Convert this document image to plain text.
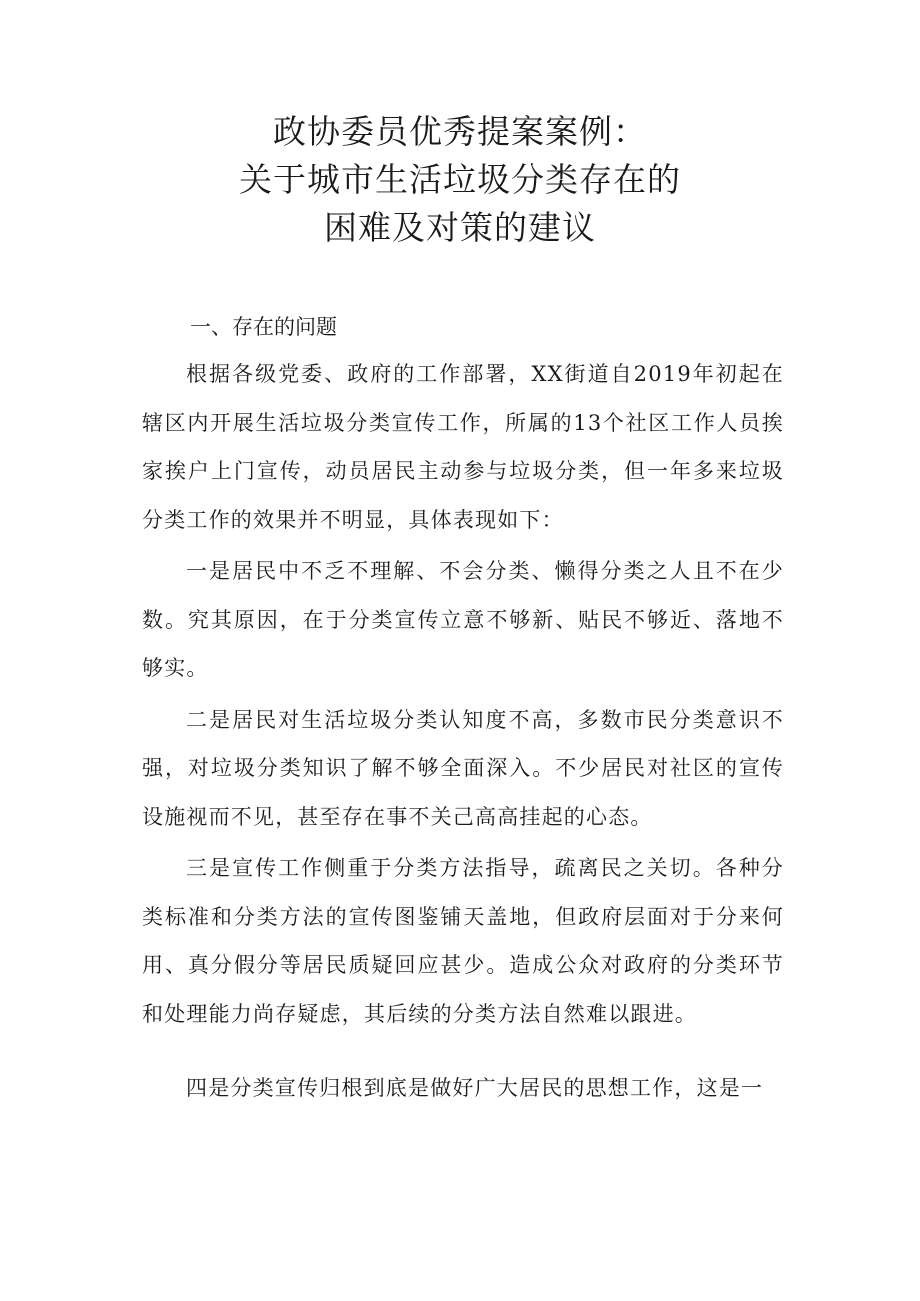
政协委员优秀提案案例：
关于城市生活垃圾分类存在的
困难及对策的建议
一、存在的问题

根据各级党委、政府的工作部署，XX街道自2019年初起在辖区内开展生活垃圾分类宣传工作，所属的13个社区工作人员挨家挨户上门宣传，动员居民主动参与垃圾分类，但一年多来垃圾分类工作的效果并不明显，具体表现如下：

一是居民中不乏不理解、不会分类、懒得分类之人且不在少数。究其原因，在于分类宣传立意不够新、贴民不够近、落地不够实。

二是居民对生活垃圾分类认知度不高，多数市民分类意识不强，对垃圾分类知识了解不够全面深入。不少居民对社区的宣传设施视而不见，甚至存在事不关己高高挂起的心态。

三是宣传工作侧重于分类方法指导，疏离民之关切。各种分类标准和分类方法的宣传图鉴铺天盖地，但政府层面对于分来何用、真分假分等居民质疑回应甚少。造成公众对政府的分类环节和处理能力尚存疑虑，其后续的分类方法自然难以跟进。

四是分类宣传归根到底是做好广大居民的思想工作，这是一
